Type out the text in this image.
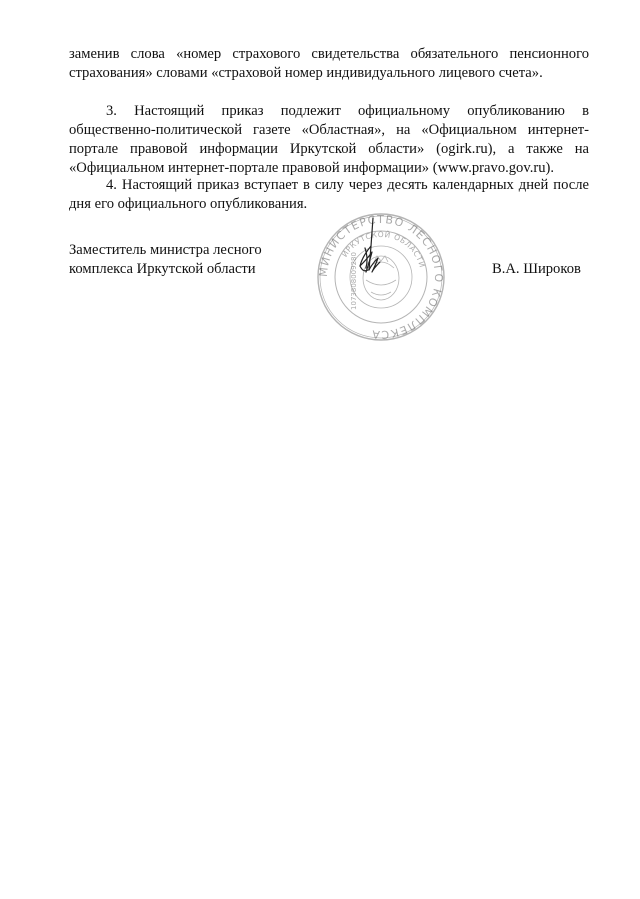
заменив слова «номер страхового свидетельства обязательного пенсионного страхования» словами «страховой номер индивидуального лицевого счета».

3. Настоящий приказ подлежит официальному опубликованию в общественно-политической газете «Областная», на «Официальном интернет-портале правовой информации Иркутской области» (ogirk.ru), а также на «Официальном интернет-портале правовой информации» (www.pravo.gov.ru).

4. Настоящий приказ вступает в силу через десять календарных дней после дня его официального опубликования.

Заместитель министра лесного
комплекса Иркутской области	В.А. Широков
МИНИСТЕРСТВО ЛЕСНОГО КОМПЛЕКСА
ИРКУТСКОЙ ОБЛАСТИ
1073808009280
